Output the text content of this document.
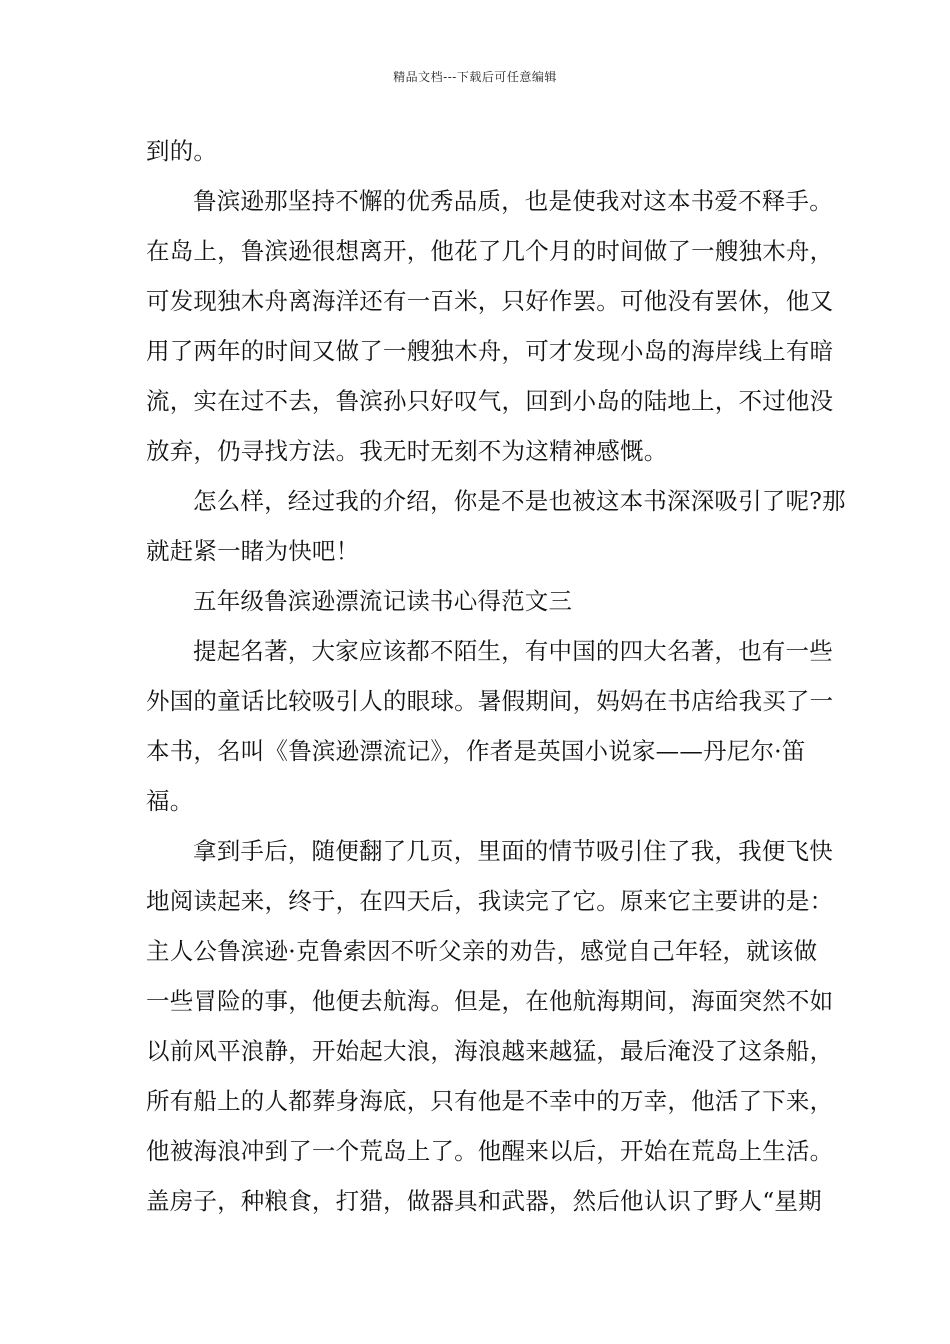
精品文档---下载后可任意编辑
到的。
鲁滨逊那坚持不懈的优秀品质，也是使我对这本书爱不释手。
在岛上，鲁滨逊很想离开，他花了几个月的时间做了一艘独木舟，
可发现独木舟离海洋还有一百米，只好作罢。可他没有罢休，他又
用了两年的时间又做了一艘独木舟，可才发现小岛的海岸线上有暗
流，实在过不去，鲁滨孙只好叹气，回到小岛的陆地上，不过他没
放弃，仍寻找方法。我无时无刻不为这精神感慨。
怎么样，经过我的介绍，你是不是也被这本书深深吸引了呢?那
就赶紧一睹为快吧！
五年级鲁滨逊漂流记读书心得范文三
提起名著，大家应该都不陌生，有中国的四大名著，也有一些
外国的童话比较吸引人的眼球。暑假期间，妈妈在书店给我买了一
本书，名叫《鲁滨逊漂流记》，作者是英国小说家——丹尼尔·笛
福。
拿到手后，随便翻了几页，里面的情节吸引住了我，我便飞快
地阅读起来，终于，在四天后，我读完了它。原来它主要讲的是：
主人公鲁滨逊·克鲁索因不听父亲的劝告，感觉自己年轻，就该做
一些冒险的事，他便去航海。但是，在他航海期间，海面突然不如
以前风平浪静，开始起大浪，海浪越来越猛，最后淹没了这条船，
所有船上的人都葬身海底，只有他是不幸中的万幸，他活了下来，
他被海浪冲到了一个荒岛上了。他醒来以后，开始在荒岛上生活。
盖房子，种粮食，打猎，做器具和武器，然后他认识了野人“星期
